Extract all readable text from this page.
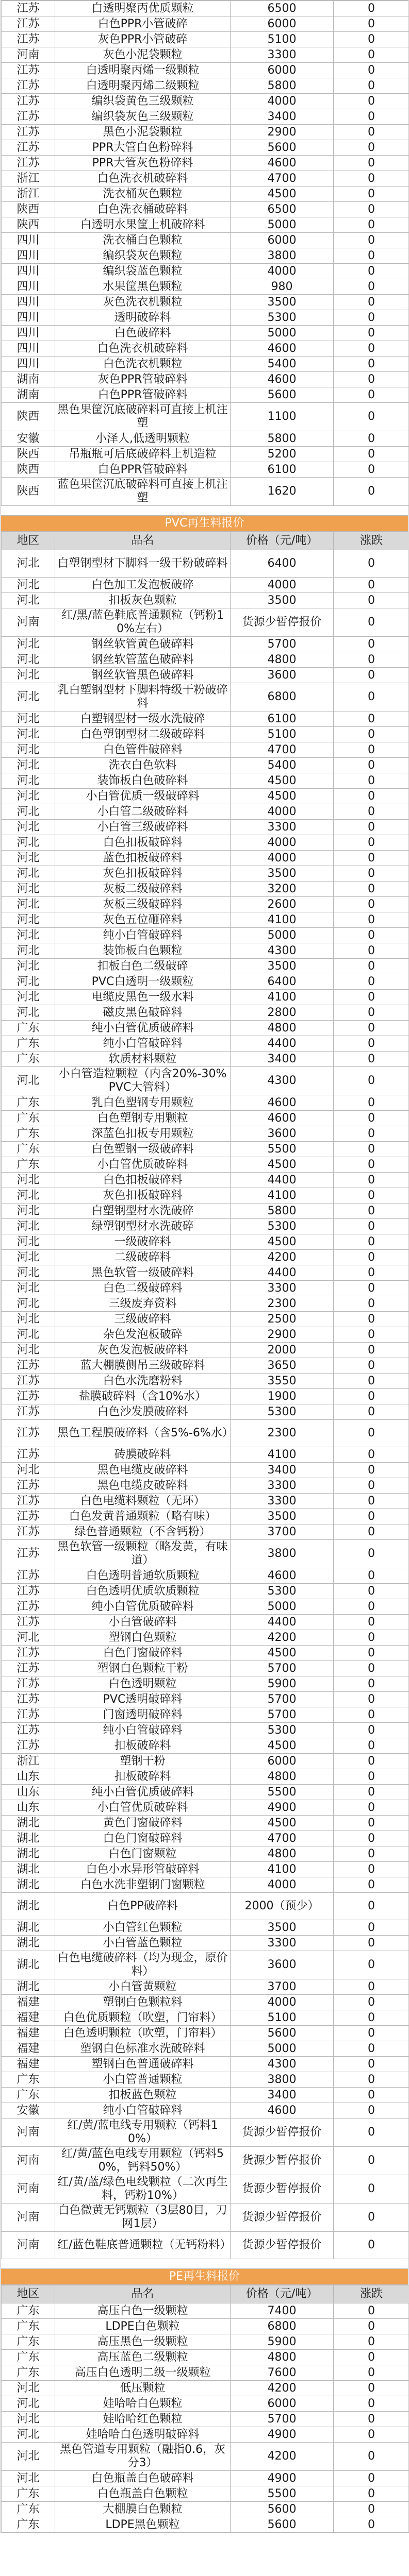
江苏	白透明聚丙优质颗粒	6500	0
江苏	白色PPR小管破碎	6000	0
江苏	灰色PPR小管破碎	5100	0
河南	灰色小泥袋颗粒	3300	0
江苏	白透明聚丙烯一级颗粒	6000	0
江苏	白透明聚丙烯二级颗粒	5800	0
江苏	编织袋黄色三级颗粒	4000	0
江苏	编织袋灰色三级颗粒	3400	0
江苏	黑色小泥袋颗粒	2900	0
江苏	PPR大管白色粉碎料	5600	0
江苏	PPR大管灰色粉碎料	4600	0
浙江	白色洗衣机破碎料	4700	0
浙江	洗衣桶灰色颗粒	4500	0
陕西	白色洗衣桶破碎料	6500	0
陕西	白透明水果筐上机破碎料	5000	0
四川	洗衣桶白色颗粒	6000	0
四川	编织袋灰色颗粒	3800	0
四川	编织袋蓝色颗粒	4000	0
四川	水果筐黑色颗粒	980	0
四川	灰色洗衣机颗粒	3500	0
四川	透明破碎料	5300	0
四川	白色破碎料	5000	0
四川	白色洗衣机破碎料	4600	0
四川	白色洗衣机颗粒	5400	0
湖南	灰色PPR管破碎料	4600	0
湖南	白色PPR管破碎料	5600	0
陕西	黑色果筐沉底破碎料可直接上机注塑	1100	0
安徽	小泽人,低透明颗粒	5800	0
陕西	吊瓶瓶可后底破碎料上机造粒	5200	0
陕西	白色PPR管破碎料	6100	0
陕西	蓝色果筐沉底破碎料可直接上机注塑	1620	0
PVC再生料报价
地区	品名	价格（元/吨）	涨跌
河北	白塑钢型材下脚料一级干粉破碎料	6400	0
河北	白色加工发泡板破碎	4000	0
河北	扣板灰色颗粒	3500	0
河南	红/黑/蓝色鞋底普通颗粒（钙粉10%左右）	货源少暂停报价	0
河北	钢丝软管黄色破碎料	5700	0
河北	钢丝软管蓝色破碎料	4800	0
河北	钢丝软管黑色破碎料	3600	0
河北	乳白塑钢型材下脚料特级干粉破碎料	6800	0
河北	白塑钢型材一级水洗破碎	6100	0
河北	白色塑钢型材二级破碎料	5100	0
河北	白色管件破碎料	4700	0
河北	洗衣白色软料	5400	0
河北	装饰板白色破碎料	4500	0
河北	小白管优质一级破碎料	4500	0
河北	小白管二级破碎料	4000	0
河北	小白管三级破碎料	3300	0
河北	白色扣板破碎料	4000	0
河北	蓝色扣板破碎料	4000	0
河北	灰色扣板破碎料	3500	0
河北	灰板二级破碎料	3200	0
河北	灰板三级破碎料	2600	0
河北	灰色五位砸碎料	4100	0
河北	纯小白管破碎料	5000	0
河北	装饰板白色颗粒	4300	0
河北	扣板白色二级破碎	3500	0
河北	PVC白透明一级颗粒	6400	0
河北	电缆皮黑色一级水料	4100	0
河北	磁皮黑色破碎料	2800	0
广东	纯小白管优质破碎料	4800	0
广东	纯小白管破碎料	4400	0
广东	软质材料颗粒	3400	0
河北	小白管造粒颗粒（内含20%-30%PVC大管料）	4300	0
广东	乳白色塑钢专用颗粒	4600	0
广东	白色塑钢专用颗粒	4600	0
广东	深蓝色扣板专用颗粒	3600	0
广东	白色塑钢一级破碎料	5500	0
广东	小白管优质破碎料	4500	0
河北	白色扣板破碎料	4400	0
河北	灰色扣板破碎料	4100	0
河北	白塑钢型材水洗破碎	5800	0
河北	绿塑钢型材水洗破碎	5300	0
河北	一级破碎料	4500	0
河北	二级破碎料	4200	0
河北	黑色软管一级破碎料	4400	0
河北	白色二级破碎料	3300	0
河北	三级废弃资料	2300	0
河北	三级破碎料	2500	0
河北	杂色发泡板破碎	2900	0
河北	灰色发泡板破碎料	2000	0
江苏	蓝大棚膜侧吊三级破碎料	3650	0
江苏	白色水洗磨粉料	3550	0
江苏	盐膜破碎料（含10%水）	1900	0
江苏	白色沙发膜破碎料	5300	0
江苏	黑色工程膜破碎料（含5%-6%水）	2300	0
江苏	砖膜破碎料	4100	0
河北	黑色电缆皮破碎料	3400	0
江苏	黑色电缆皮破碎料	3300	0
江苏	白色电缆料颗粒（无环）	3300	0
江苏	白色发黄普通颗粒（略有味）	3500	0
江苏	绿色普通颗粒（不含钙粉）	3700	0
江苏	黑色软管一级颗粒（略发黄，有味道）	3800	0
江苏	白色透明普通软质颗粒	4600	0
江苏	白色透明优质软质颗粒	5300	0
江苏	纯小白管优质破碎料	5000	0
江苏	小白管破碎料	4400	0
河北	塑钢白色颗粒	4200	0
江苏	白色门窗破碎料	4500	0
江苏	塑钢白色颗粒干粉	5700	0
江苏	白色透明颗粒	5900	0
江苏	PVC透明破碎料	5700	0
江苏	门窗透明破碎料	5700	0
江苏	纯小白管破碎料	5300	0
江苏	扣板破碎料	4500	0
浙江	塑钢干粉	6000	0
山东	扣板破碎料	4800	0
山东	纯小白管优质破碎料	5500	0
山东	小白管优质破碎料	4900	0
湖北	黄色门窗破碎料	4500	0
湖北	白色门窗破碎料	4700	0
湖北	白色门窗颗粒	4800	0
湖北	白色小水异形管破碎料	4100	0
湖北	白色水洗非塑钢门窗颗粒	4000	0
湖北	白色PP破碎料	2000（预少）	0
湖北	小白管红色颗粒	3500	0
湖北	小白管蓝色颗粒	3300	0
湖北	白色电缆破碎料（均为现金，原价料）	3600	0
湖北	小白管黄颗粒	3700	0
福建	塑钢白色颗粒料	4000	0
福建	白色优质颗粒（吹塑，门帘料）	5100	0
福建	白色透明颗粒（吹塑，门帘料）	5600	0
福建	塑钢白色标准水洗破碎料	5000	0
福建	塑钢白色普通破碎料	4300	0
广东	小白管普通颗粒	3800	0
广东	扣板蓝色颗粒	3400	0
安徽	纯小白管破碎料	4600	0
河南	红/黄/蓝电线专用颗粒（钙料10%）	货源少暂停报价	0
河南	红/黄/蓝色电线专用颗粒（钙料50%，钙料50%）	货源少暂停报价	0
河南	红/黄/蓝/绿色电线颗粒（二次再生料，钙粉10%）	货源少暂停报价	0
河南	白色微黄无钙颗粒（3层80目，刀网1层）	货源少暂停报价	0
河南	红/蓝色鞋底普通颗粒（无钙粉料）	货源少暂停报价	0
PE再生料报价
地区	品名	价格（元/吨）	涨跌
广东	高压白色一级颗粒	7400	0
广东	LDPE白色颗粒	6800	0
广东	高压黑色一级颗粒	5900	0
广东	高压蓝色二级颗粒	4800	0
广东	高压白色透明二级一级颗粒	7600	0
河北	低压颗粒	4200	0
河北	娃哈哈白色颗粒	6000	0
河北	娃哈哈红色颗粒	5700	0
河北	娃哈哈白色透明破碎料	4900	0
河北	黑色管道专用颗粒（融指0.6，灰分3）	4200	0
河北	白色瓶盖白色破碎料	4900	0
广东	白色瓶盖白色颗粒	5500	0
广东	大棚膜白色颗粒	5600	0
广东	LDPE黑色颗粒	5600	0
